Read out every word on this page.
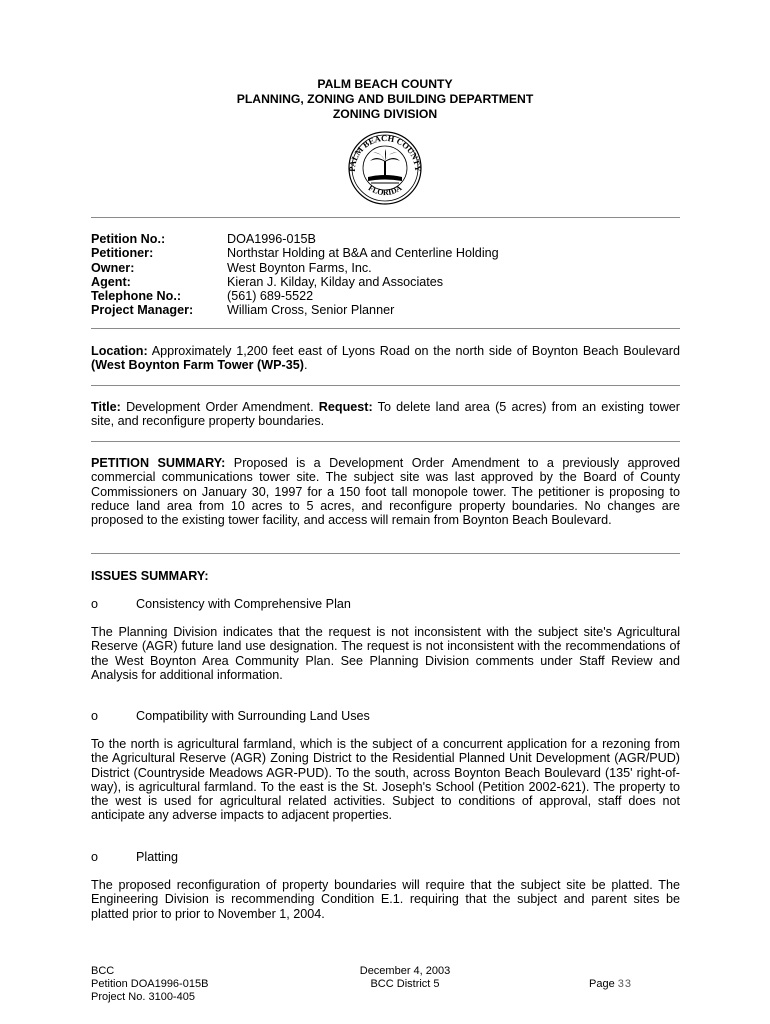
PALM BEACH COUNTY
PLANNING, ZONING AND BUILDING DEPARTMENT
ZONING DIVISION
PALM BEACH COUNTY
FLORIDA
Petition No.:	DOA1996-015B
Petitioner:	Northstar Holding at B&A and Centerline Holding
Owner:	West Boynton Farms, Inc.
Agent:	Kieran J. Kilday, Kilday and Associates
Telephone No.:	(561) 689-5522
Project Manager:	William Cross, Senior Planner
Location: Approximately 1,200 feet east of Lyons Road on the north side of Boynton Beach Boulevard (West Boynton Farm Tower (WP-35).
Title: Development Order Amendment. Request: To delete land area (5 acres) from an existing tower site, and reconfigure property boundaries.
PETITION SUMMARY: Proposed is a Development Order Amendment to a previously approved commercial communications tower site. The subject site was last approved by the Board of County Commissioners on January 30, 1997 for a 150 foot tall monopole tower. The petitioner is proposing to reduce land area from 10 acres to 5 acres, and reconfigure property boundaries. No changes are proposed to the existing tower facility, and access will remain from Boynton Beach Boulevard.
ISSUES SUMMARY:
o	Consistency with Comprehensive Plan
The Planning Division indicates that the request is not inconsistent with the subject site's Agricultural Reserve (AGR) future land use designation. The request is not inconsistent with the recommendations of the West Boynton Area Community Plan. See Planning Division comments under Staff Review and Analysis for additional information.
o	Compatibility with Surrounding Land Uses
To the north is agricultural farmland, which is the subject of a concurrent application for a rezoning from the Agricultural Reserve (AGR) Zoning District to the Residential Planned Unit Development (AGR/PUD) District (Countryside Meadows AGR-PUD). To the south, across Boynton Beach Boulevard (135' right-of-way), is agricultural farmland. To the east is the St. Joseph's School (Petition 2002-621). The property to the west is used for agricultural related activities. Subject to conditions of approval, staff does not anticipate any adverse impacts to adjacent properties.
o	Platting
The proposed reconfiguration of property boundaries will require that the subject site be platted. The Engineering Division is recommending Condition E.1. requiring that the subject and parent sites be platted prior to prior to November 1, 2004.
BCC
Petition DOA1996-015B
Project No. 3100-405
December 4, 2003
BCC District 5	Page 33
